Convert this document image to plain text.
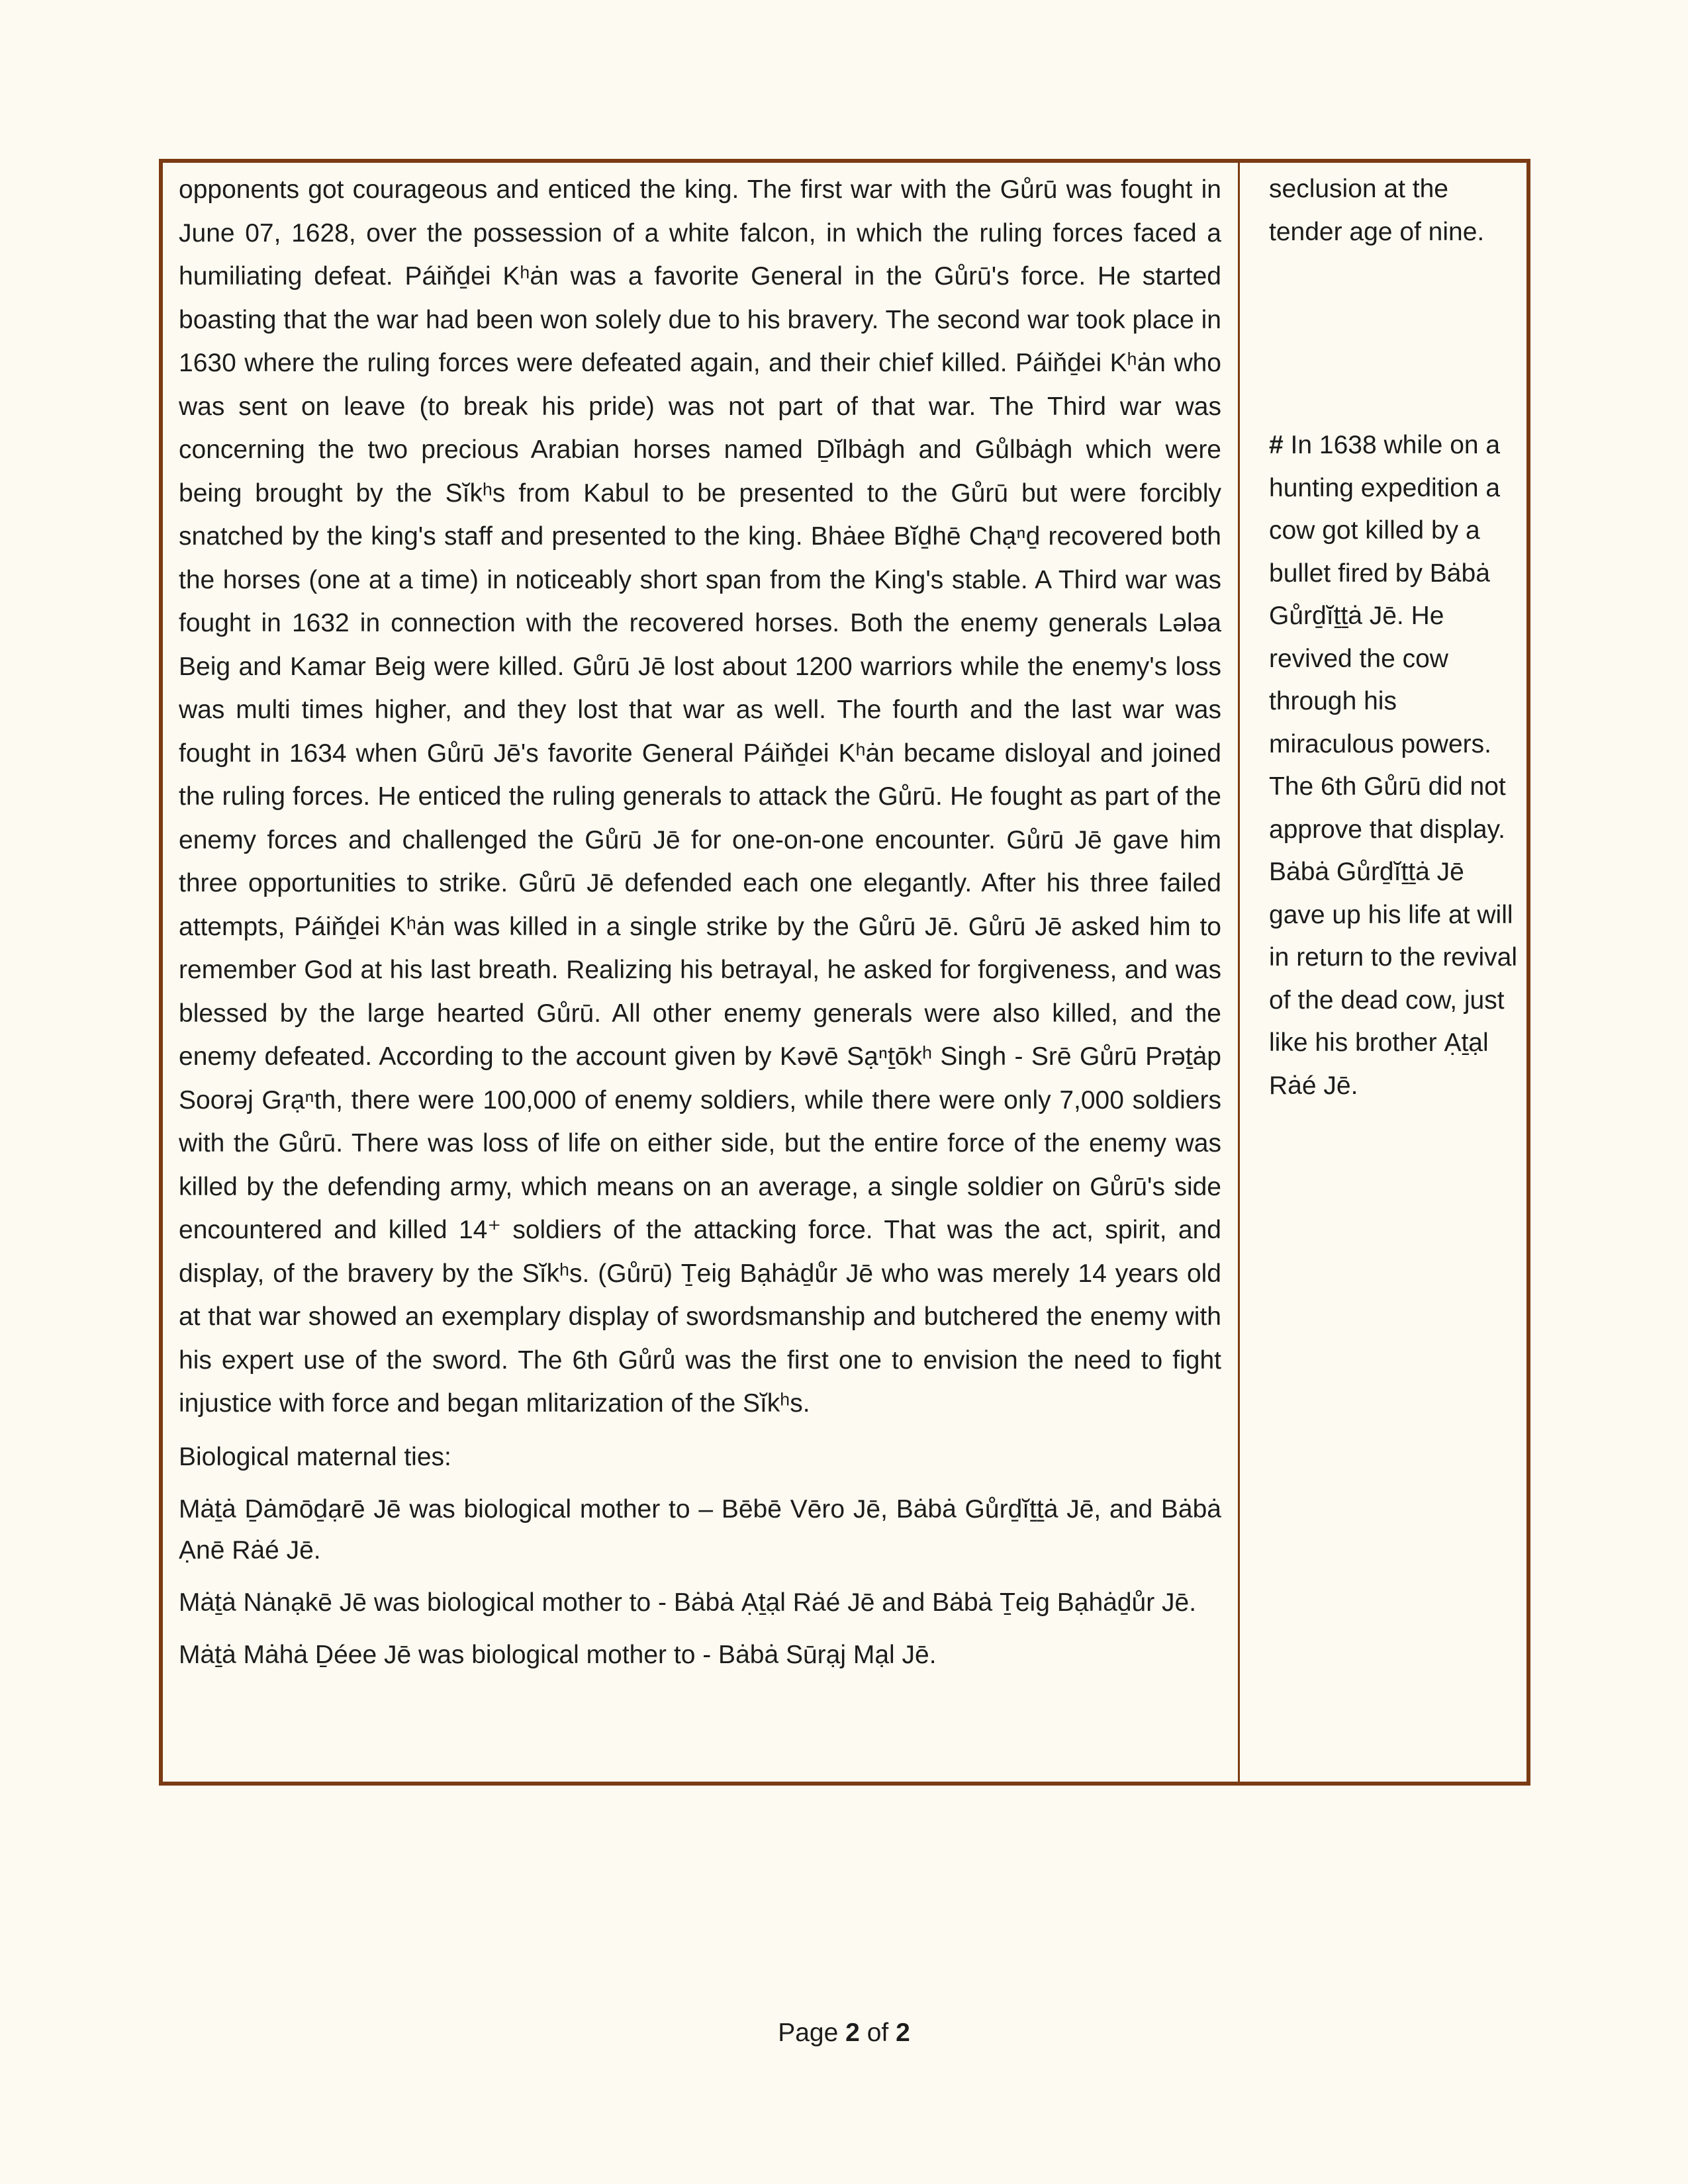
opponents got courageous and enticed the king. The first war with the Gůrū was fought in June 07, 1628, over the possession of a white falcon, in which the ruling forces faced a humiliating defeat. Páiňḏei Kʰȧn was a favorite General in the Gůrū's force. He started boasting that the war had been won solely due to his bravery. The second war took place in 1630 where the ruling forces were defeated again, and their chief killed. Páiňḏei Kʰȧn who was sent on leave (to break his pride) was not part of that war. The Third war was concerning the two precious Arabian horses named Ḏĭlbȧgh and Gůlbȧgh which were being brought by the Sĭkʰs from Kabul to be presented to the Gůrū but were forcibly snatched by the king's staff and presented to the king. Bhȧee Bĭḏhē Chạⁿḏ recovered both the horses (one at a time) in noticeably short span from the King's stable. A Third war was fought in 1632 in connection with the recovered horses. Both the enemy generals Lələa Beig and Kamar Beig were killed. Gůrū Jē lost about 1200 warriors while the enemy's loss was multi times higher, and they lost that war as well. The fourth and the last war was fought in 1634 when Gůrū Jē's favorite General Páiňḏei Kʰȧn became disloyal and joined the ruling forces. He enticed the ruling generals to attack the Gůrū. He fought as part of the enemy forces and challenged the Gůrū Jē for one-on-one encounter. Gůrū Jē gave him three opportunities to strike. Gůrū Jē defended each one elegantly. After his three failed attempts, Páiňḏei Kʰȧn was killed in a single strike by the Gůrū Jē. Gůrū Jē asked him to remember God at his last breath. Realizing his betrayal, he asked for forgiveness, and was blessed by the large hearted Gůrū. All other enemy generals were also killed, and the enemy defeated. According to the account given by Kəvē Sạⁿṯōkʰ Singh - Srē Gůrū Prəṯȧp Soorəj Grạⁿth, there were 100,000 of enemy soldiers, while there were only 7,000 soldiers with the Gůrū. There was loss of life on either side, but the entire force of the enemy was killed by the defending army, which means on an average, a single soldier on Gůrū's side encountered and killed 14⁺ soldiers of the attacking force. That was the act, spirit, and display, of the bravery by the Sĭkʰs. (Gůrū) Ṯeig Bạhȧḏůr Jē who was merely 14 years old at that war showed an exemplary display of swordsmanship and butchered the enemy with his expert use of the sword. The 6th Gůrů was the first one to envision the need to fight injustice with force and began mlitarization of the Sĭkʰs.

Biological maternal ties:

Mȧṯȧ Ḏȧmōḏạrē Jē was biological mother to – Bēbē Vēro Jē, Bȧbȧ Gůrḏĭṯṯȧ Jē, and Bȧbȧ Ạnē Rȧé Jē.

Mȧṯȧ Nȧnạkē Jē was biological mother to - Bȧbȧ Ạṯạl Rȧé Jē and Bȧbȧ Ṯeig Bạhȧḏůr Jē.

Mȧṯȧ Mȧhȧ Ḏéee Jē was biological mother to - Bȧbȧ Sūrạj Mạl Jē.

seclusion at the tender age of nine.

# In 1638 while on a hunting expedition a cow got killed by a bullet fired by Bȧbȧ Gůrḏĭṯṯȧ Jē. He revived the cow through his miraculous powers. The 6th Gůrū did not approve that display. Bȧbȧ Gůrḏĭṯṯȧ Jē gave up his life at will in return to the revival of the dead cow, just like his brother Ạṯạl Rȧé Jē.

Page 2 of 2
